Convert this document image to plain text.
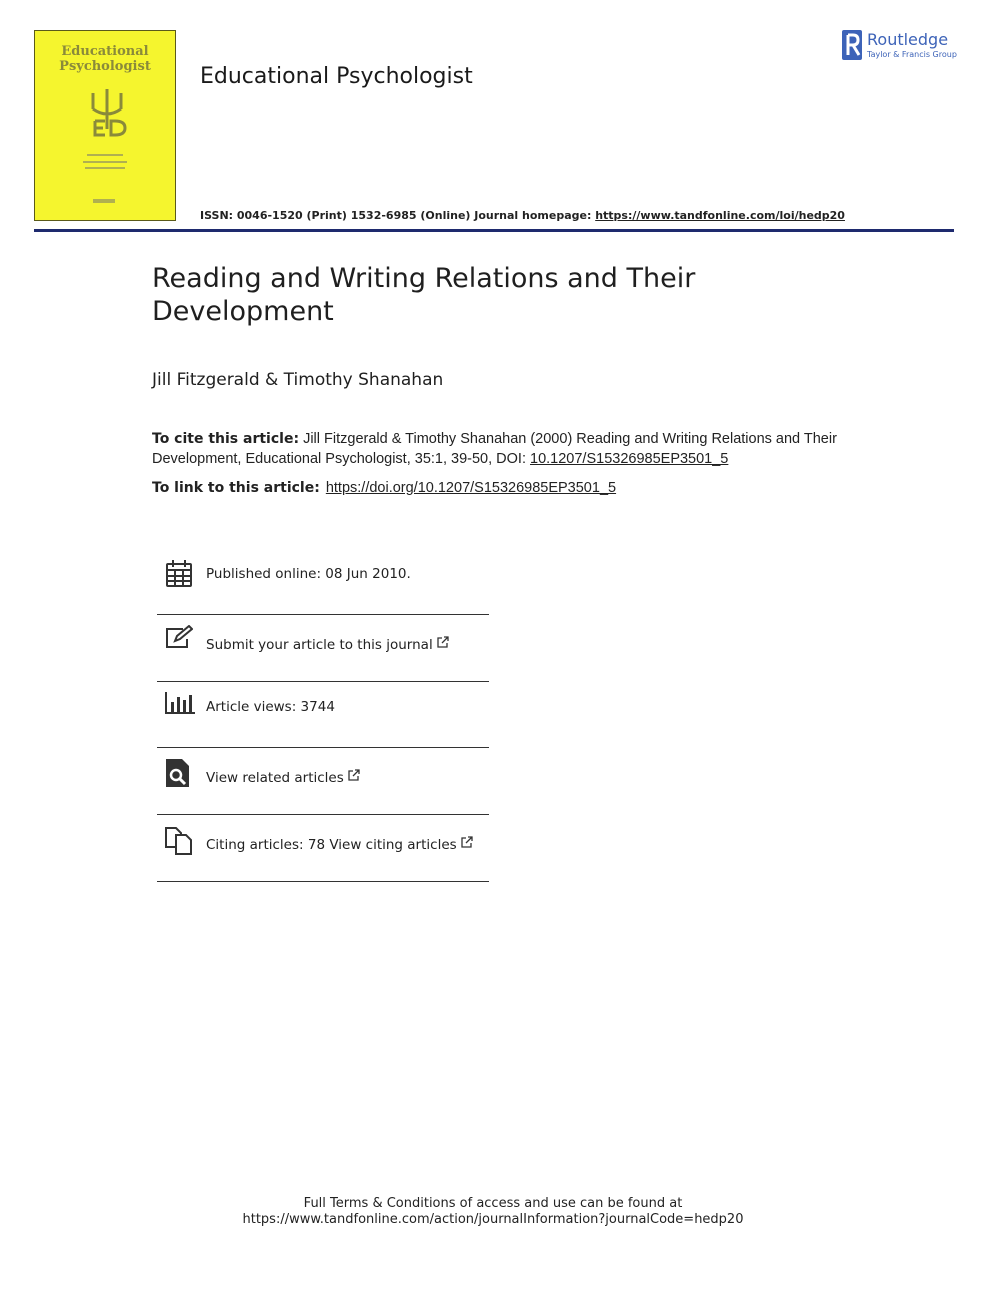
Educational
Psychologist	Educational Psychologist
Routledge
Taylor & Francis Group
ISSN: 0046-1520 (Print) 1532-6985 (Online) Journal homepage: https://www.tandfonline.com/loi/hedp20
Reading and Writing Relations and Their Development
Jill Fitzgerald & Timothy Shanahan
To cite this article: Jill Fitzgerald & Timothy Shanahan (2000) Reading and Writing Relations and Their Development, Educational Psychologist, 35:1, 39-50, DOI: 10.1207/S15326985EP3501_5
To link to this article: https://doi.org/10.1207/S15326985EP3501_5
Published online: 08 Jun 2010.
Submit your article to this journal
Article views: 3744
View related articles
Citing articles: 78 View citing articles
Full Terms & Conditions of access and use can be found at
https://www.tandfonline.com/action/journalInformation?journalCode=hedp20
